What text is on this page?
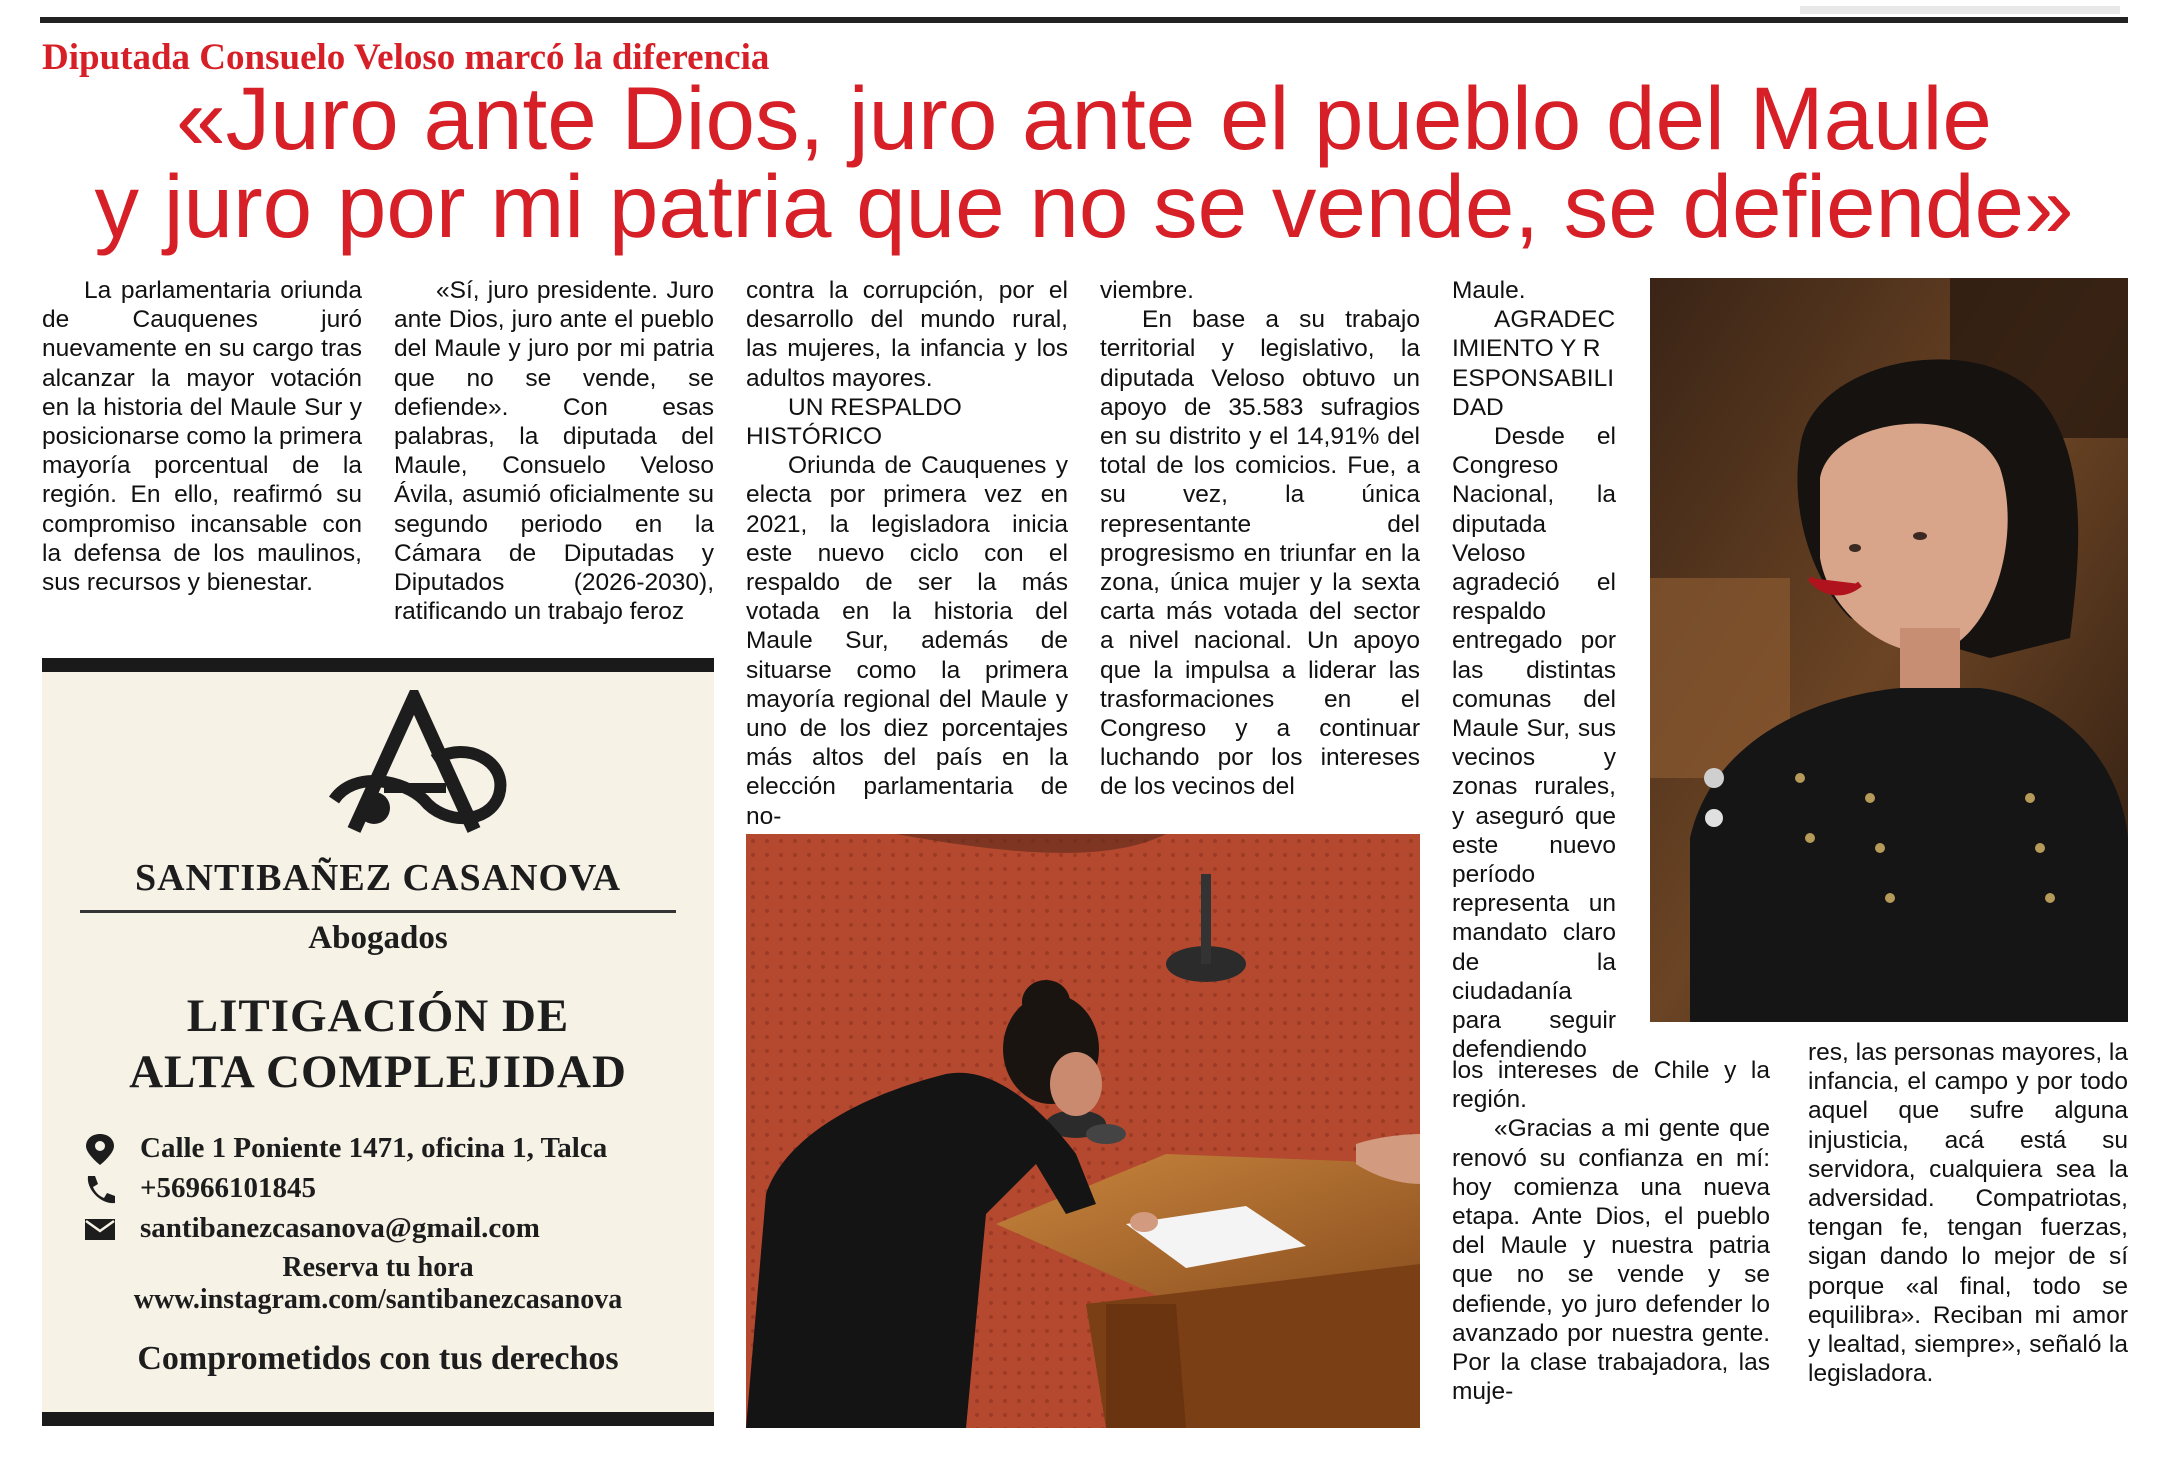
Diputada Consuelo Veloso marcó la diferencia
«Juro ante Dios, juro ante el pueblo del Maule
y juro por mi patria que no se vende, se defiende»

La parlamentaria oriunda de Cauquenes juró nuevamente en su cargo tras alcanzar la mayor votación en la historia del Maule Sur y posicionarse como la primera mayoría porcentual de la región. En ello, reafirmó su compromiso incansable con la defensa de los maulinos, sus recursos y bienestar.

«Sí, juro presidente. Juro ante Dios, juro ante el pueblo del Maule y juro por mi patria que no se vende, se defiende». Con esas palabras, la diputada del Maule, Consuelo Veloso Ávila, asumió oficialmente su segundo periodo en la Cámara de Diputadas y Diputados (2026-2030), ratificando un trabajo feroz

contra la corrupción, por el desarrollo del mundo rural, las mujeres, la infancia y los adultos mayores.

UN RESPALDO HISTÓRICO

Oriunda de Cauquenes y electa por primera vez en 2021, la legisladora inicia este nuevo ciclo con el respaldo de ser la más votada en la historia del Maule Sur, además de situarse como la primera mayoría regional del Maule y uno de los diez porcentajes más altos del país en la elección parlamentaria de no-

viembre.

En base a su trabajo territorial y legislativo, la diputada Veloso obtuvo un apoyo de 35.583 sufragios en su distrito y el 14,91% del total de los comicios. Fue, a su vez, la única representante del progresismo en triunfar en la zona, única mujer y la sexta carta más votada del sector a nivel nacional. Un apoyo que la impulsa a liderar las trasformaciones en el Congreso y a continuar luchando por los intereses de los vecinos del

Maule.

AGRADECIMIENTO Y RESPONSABILIDAD

Desde el Congreso Nacional, la diputada Veloso agradeció el respaldo entregado por las distintas comunas del Maule Sur, sus vecinos y zonas rurales, y aseguró que este nuevo período representa un mandato claro de la ciudadanía para seguir defendiendo

los intereses de Chile y la región.

«Gracias a mi gente que renovó su confianza en mí: hoy comienza una nueva etapa. Ante Dios, el pueblo del Maule y nuestra patria que no se vende y se defiende, yo juro defender lo avanzado por nuestra gente. Por la clase trabajadora, las muje-

res, las personas mayores, la infancia, el campo y por todo aquel que sufre alguna injusticia, acá está su servidora, cualquiera sea la adversidad. Compatriotas, tengan fe, tengan fuerzas, sigan dando lo mejor de sí porque «al final, todo se equilibra». Reciban mi amor y lealtad, siempre», señaló la legisladora.

SANTIBAÑEZ CASANOVA
Abogados
LITIGACIÓN DE
ALTA COMPLEJIDAD
Calle 1 Poniente 1471, oficina 1, Talca
+56966101845
santibanezcasanova@gmail.com
Reserva tu hora
www.instagram.com/santibanezcasanova
Comprometidos con tus derechos
